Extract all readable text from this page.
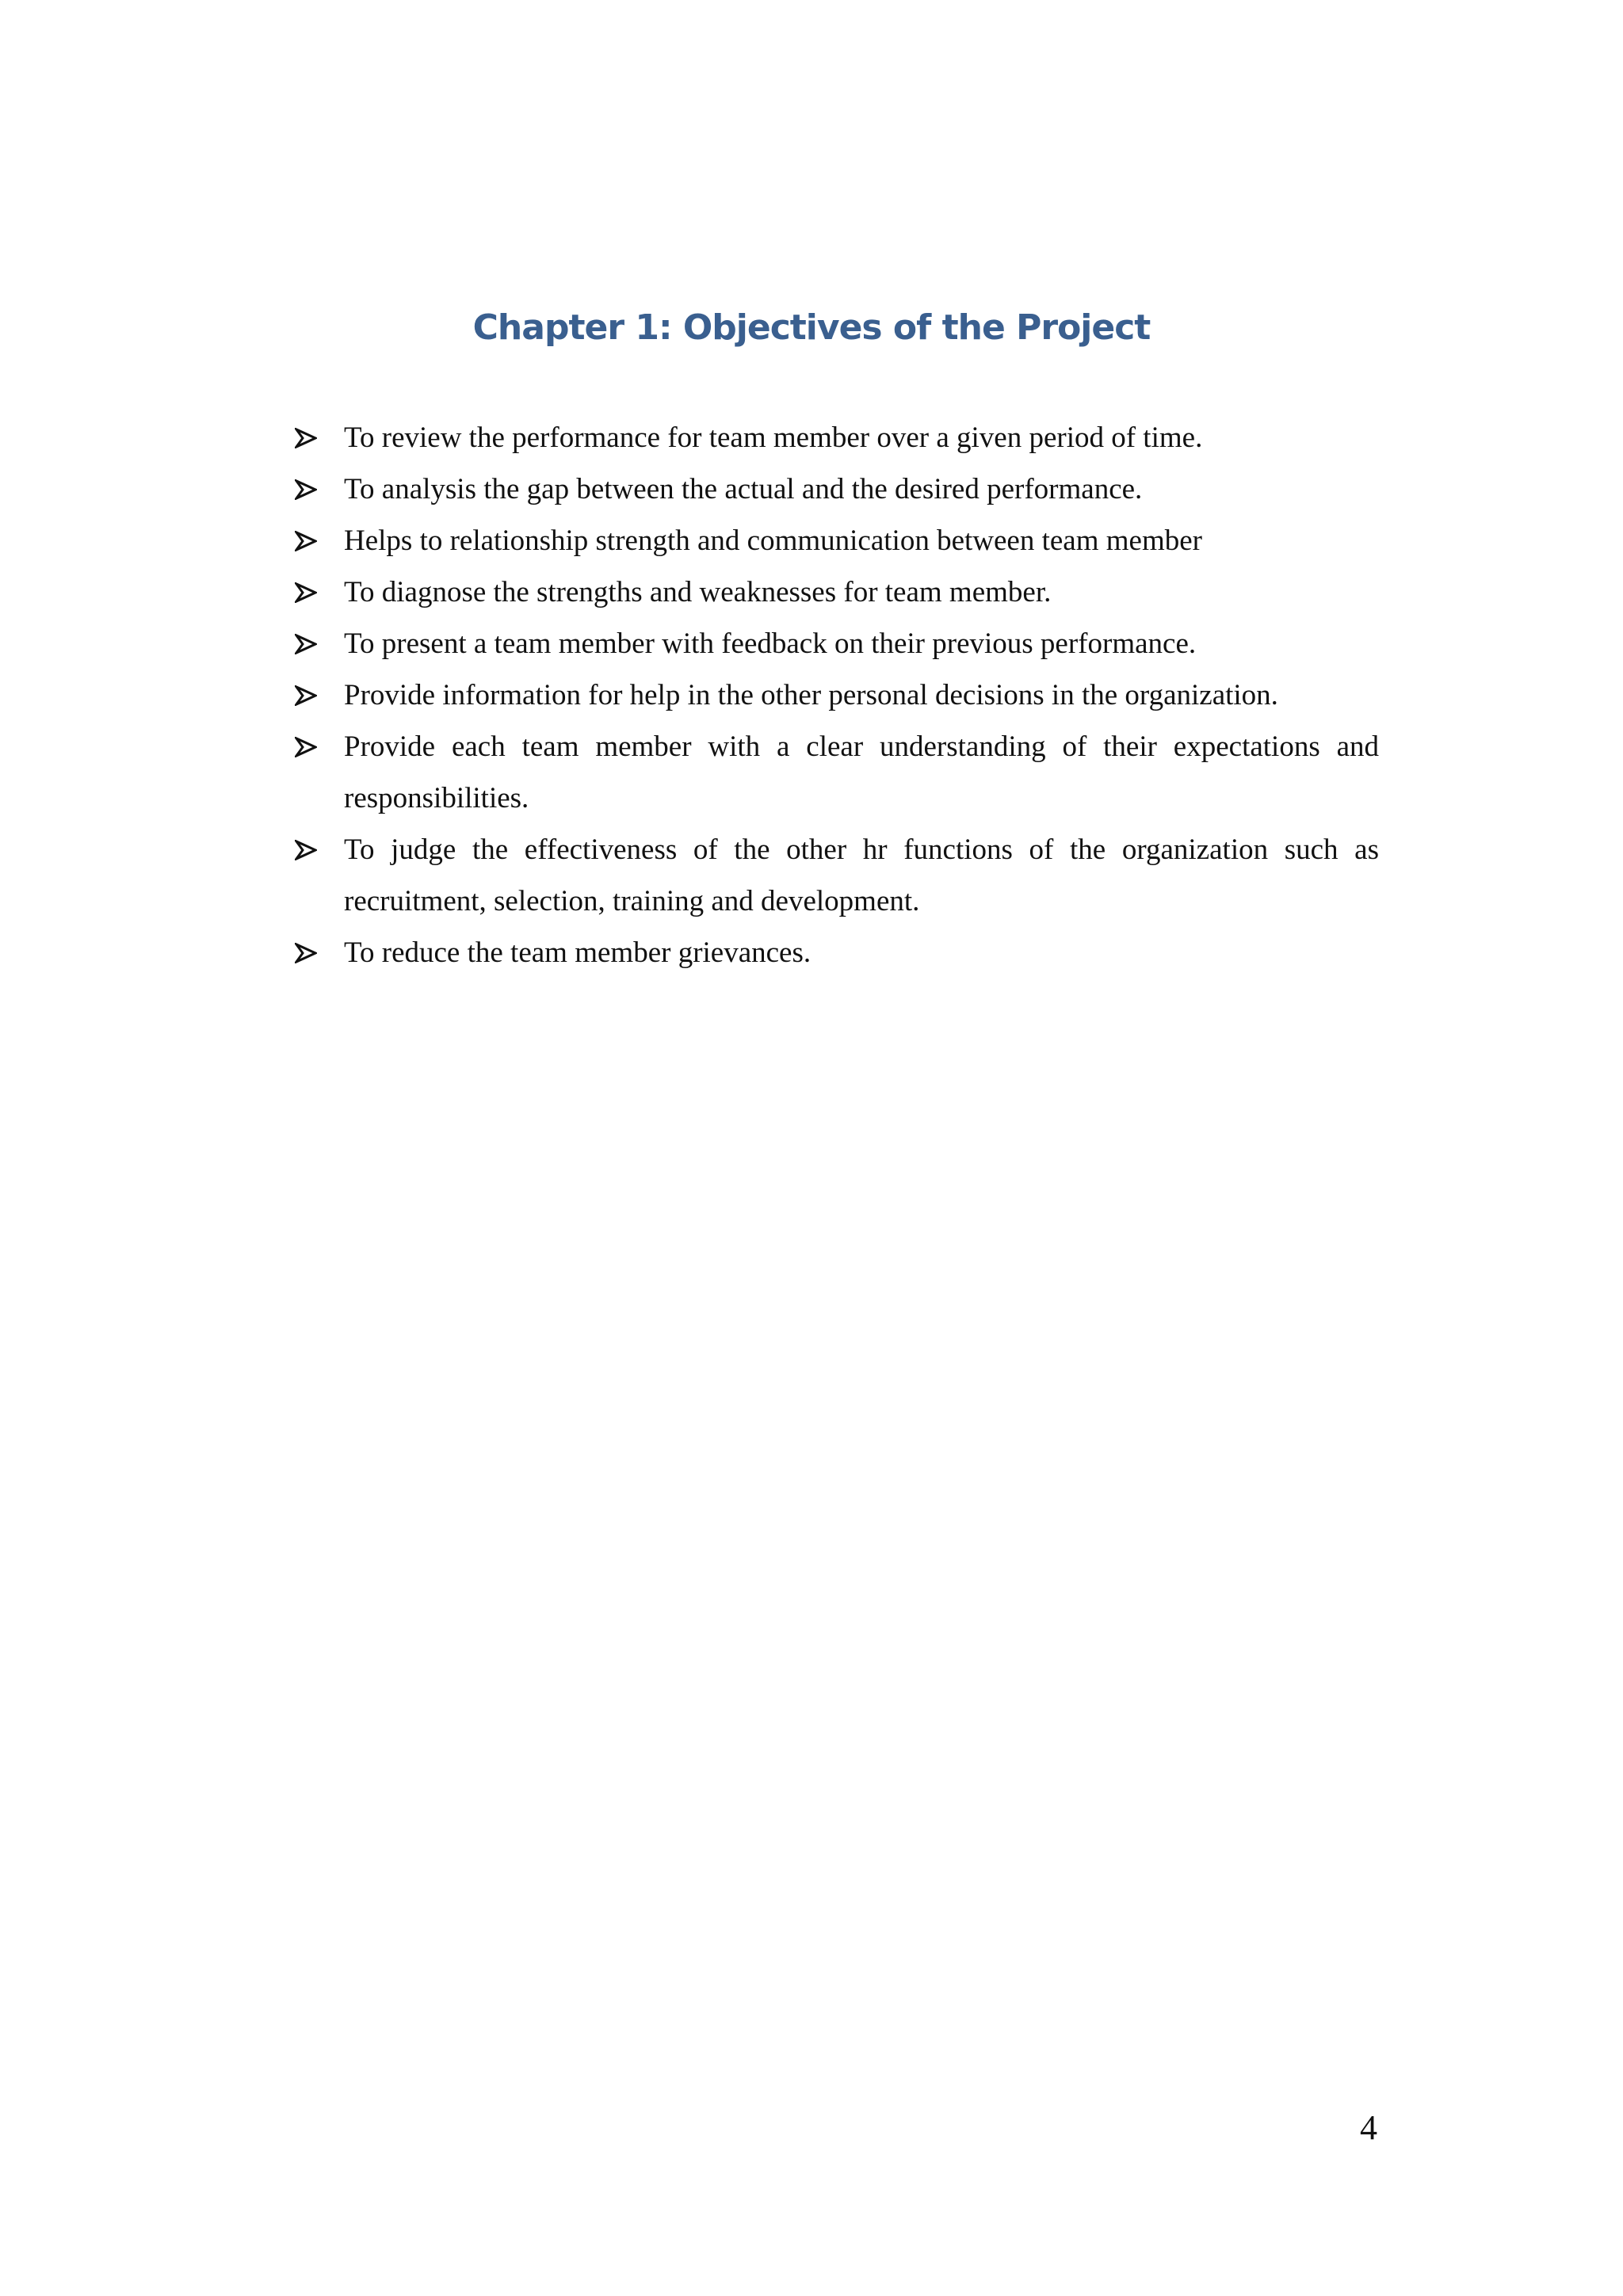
Chapter 1: Objectives of the Project
To review the performance for team member over a given period of time.
To analysis the gap between the actual and the desired performance.
Helps to relationship strength and communication between team member
To diagnose the strengths and weaknesses for team member.
To present a team member with feedback on their previous performance.
Provide information for help in the other personal decisions in the organization.
Provide each team member with a clear understanding of their expectations and responsibilities.
To judge the effectiveness of the other hr functions of the organization such as recruitment, selection, training and development.
To reduce the team member grievances.
4
